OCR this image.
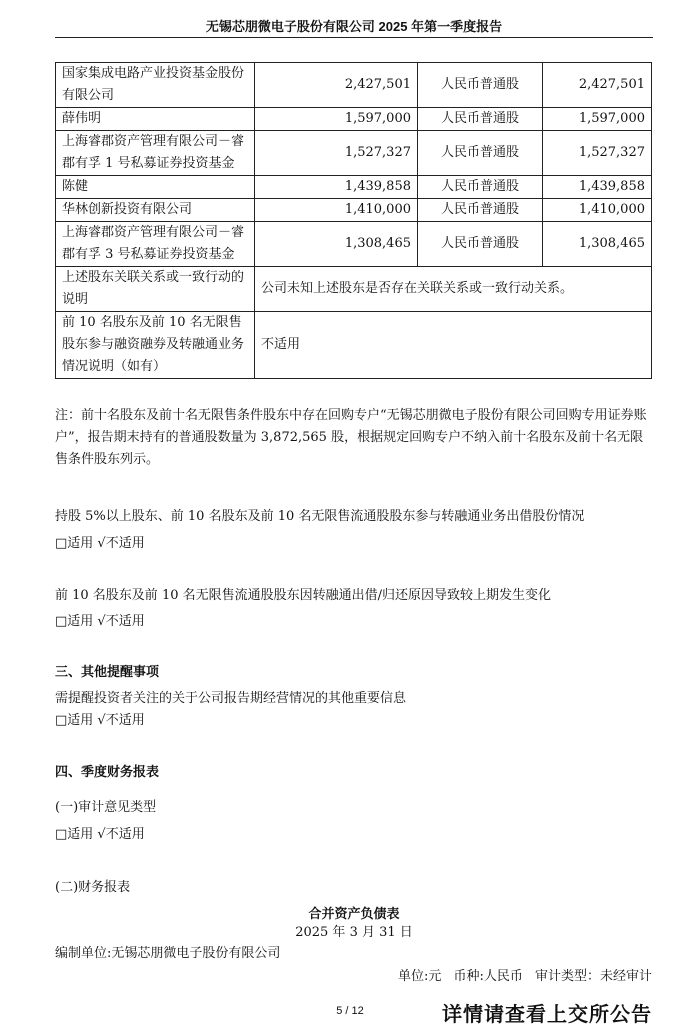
无锡芯朋微电子股份有限公司 2025 年第一季度报告
国家集成电路产业投资基金股份有限公司	2,427,501	人民币普通股	2,427,501
薛伟明	1,597,000	人民币普通股	1,597,000
上海睿郡资产管理有限公司－睿郡有孚 1 号私募证券投资基金	1,527,327	人民币普通股	1,527,327
陈健	1,439,858	人民币普通股	1,439,858
华林创新投资有限公司	1,410,000	人民币普通股	1,410,000
上海睿郡资产管理有限公司－睿郡有孚 3 号私募证券投资基金	1,308,465	人民币普通股	1,308,465
上述股东关联关系或一致行动的说明	公司未知上述股东是否存在关联关系或一致行动关系。		
前 10 名股东及前 10 名无限售股东参与融资融券及转融通业务情况说明（如有）	不适用		
注：前十名股东及前十名无限售条件股东中存在回购专户“无锡芯朋微电子股份有限公司回购专用证券账户”，报告期末持有的普通股数量为 3,872,565 股，根据规定回购专户不纳入前十名股东及前十名无限售条件股东列示。
持股 5%以上股东、前 10 名股东及前 10 名无限售流通股股东参与转融通业务出借股份情况
□适用 √不适用
前 10 名股东及前 10 名无限售流通股股东因转融通出借/归还原因导致较上期发生变化
□适用 √不适用
三、其他提醒事项
需提醒投资者关注的关于公司报告期经营情况的其他重要信息
□适用 √不适用
四、季度财务报表
(一)审计意见类型
□适用 √不适用
(二)财务报表
合并资产负债表
2025 年 3 月 31 日
编制单位:无锡芯朋微电子股份有限公司
单位:元 币种:人民币 审计类型：未经审计
5 / 12	详情请查看上交所公告
